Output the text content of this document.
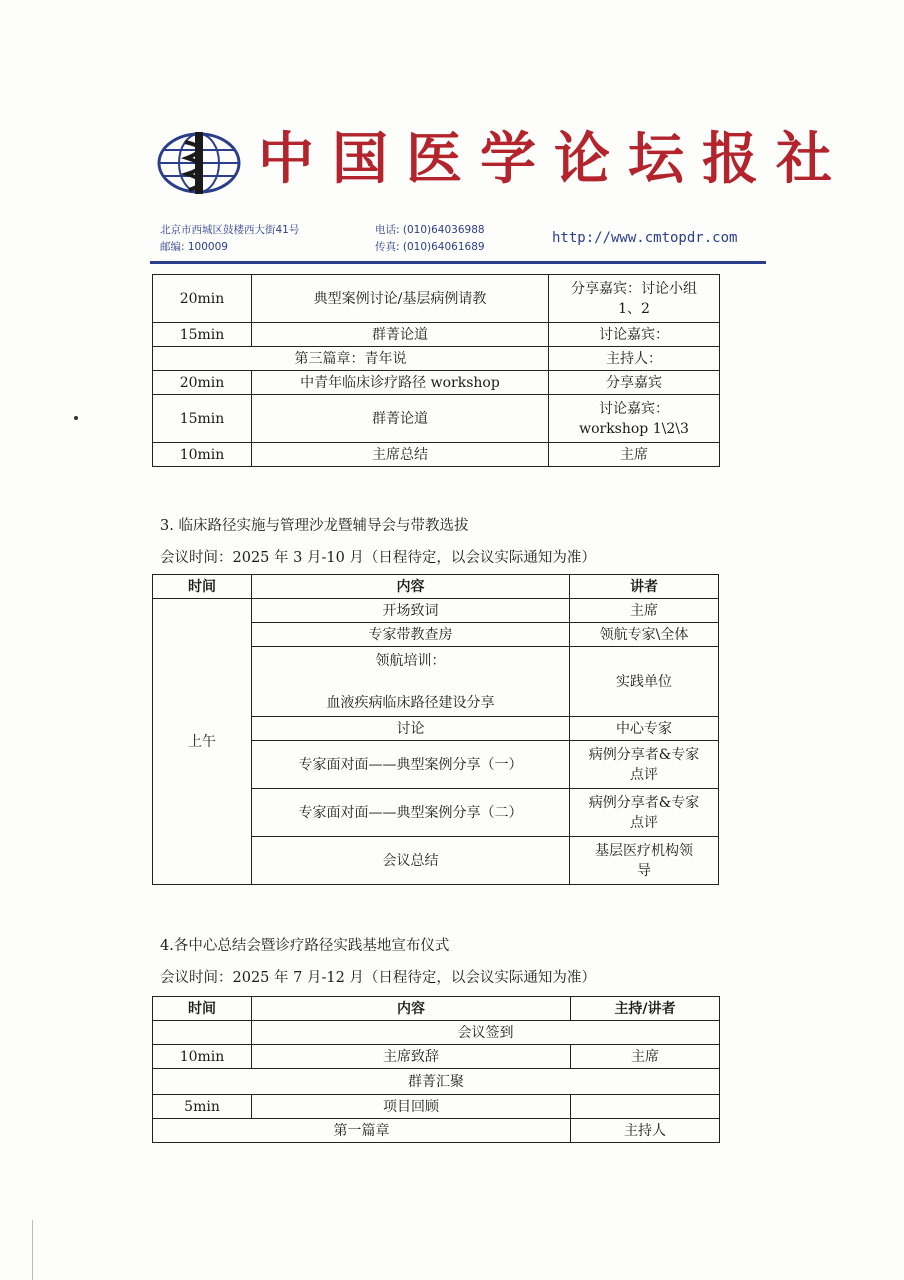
中国医学论坛报社
北京市西城区鼓楼西大街41号
邮编: 100009
电话: (010)64036988
传真: (010)64061689
http://www.cmtopdr.com
20min	典型案例讨论/基层病例请教	分享嘉宾：讨论小组
1、2

15min	群菁论道	讨论嘉宾：
第三篇章：青年说		主持人：
20min	中青年临床诊疗路径 workshop	分享嘉宾
15min	群菁论道	讨论嘉宾：
workshop 1\2\3

10min	主席总结	主席
3. 临床路径实施与管理沙龙暨辅导会与带教选拔
会议时间：2025 年 3 月-10 月（日程待定，以会议实际通知为准）
时间	内容	讲者
上午	开场致词	主席
	专家带教查房	领航专家\全体

	领航培训：
血液疾病临床路径建设分享	实践单位
	讨论	中心专家
	专家面对面——典型案例分享（一）	病例分享者&专家
点评

	专家面对面——典型案例分享（二）	病例分享者&专家
点评

	会议总结	基层医疗机构领
导
4.各中心总结会暨诊疗路径实践基地宣布仪式
会议时间：2025 年 7 月-12 月（日程待定，以会议实际通知为准）
时间	内容	主持/讲者
	会议签到	
10min	主席致辞	主席
群菁汇聚		
5min	项目回顾	
第一篇章		主持人
